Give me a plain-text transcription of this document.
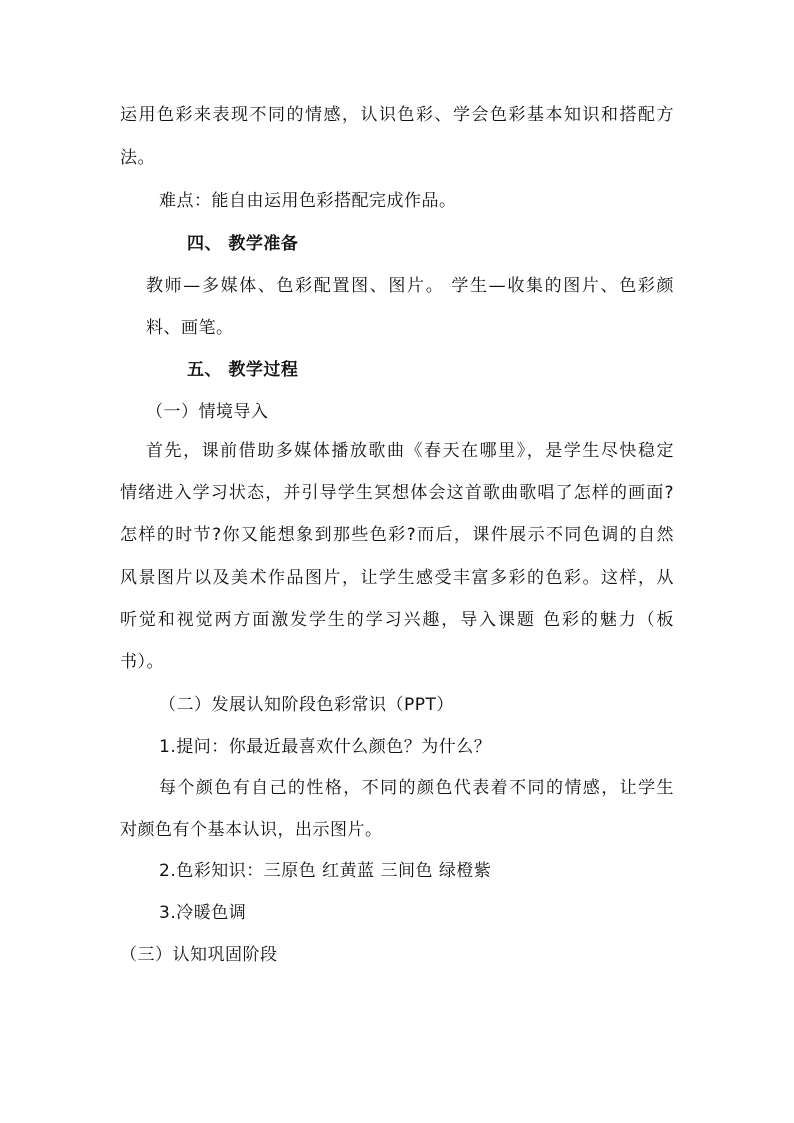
运用色彩来表现不同的情感，认识色彩、学会色彩基本知识和搭配方
法。
难点：能自由运用色彩搭配完成作品。
四、 教学准备
教师—多媒体、色彩配置图、图片。 学生—收集的图片、色彩颜
料、画笔。
五、 教学过程
（一）情境导入
首先，课前借助多媒体播放歌曲《春天在哪里》，是学生尽快稳定
情绪进入学习状态，并引导学生冥想体会这首歌曲歌唱了怎样的画面?
怎样的时节?你又能想象到那些色彩?而后，课件展示不同色调的自然
风景图片以及美术作品图片，让学生感受丰富多彩的色彩。这样，从
听觉和视觉两方面激发学生的学习兴趣，导入课题 色彩的魅力（板
书）。
（二）发展认知阶段色彩常识（PPT）
1.提问：你最近最喜欢什么颜色？为什么？
每个颜色有自己的性格，不同的颜色代表着不同的情感，让学生
对颜色有个基本认识，出示图片。
2.色彩知识：三原色 红黄蓝 三间色 绿橙紫
3.冷暖色调
（三）认知巩固阶段
